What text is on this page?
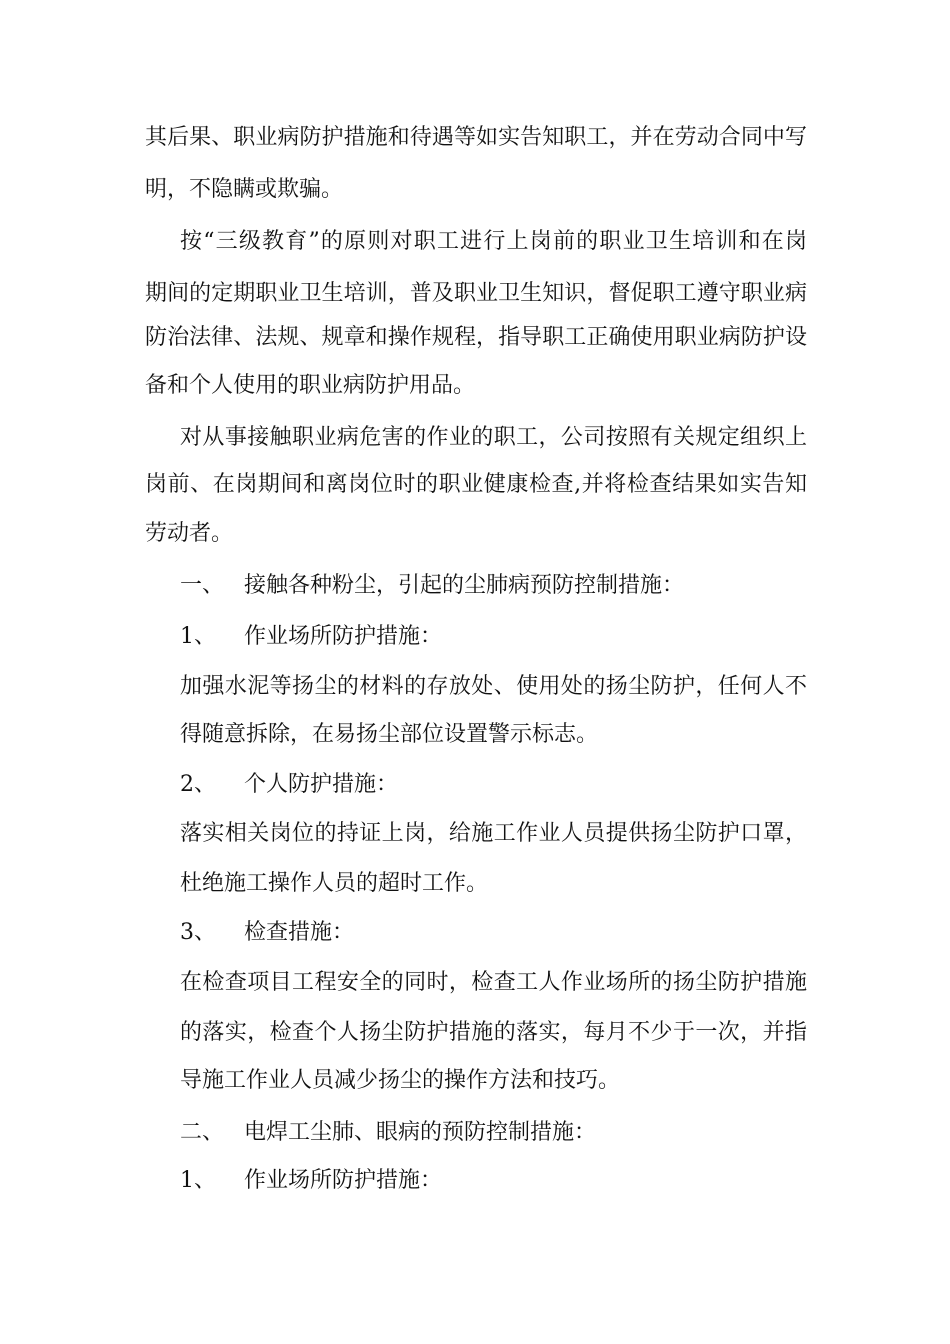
其后果、职业病防护措施和待遇等如实告知职工，并在劳动合同中写
明，不隐瞒或欺骗。
按“三级教育”的原则对职工进行上岗前的职业卫生培训和在岗
期间的定期职业卫生培训，普及职业卫生知识，督促职工遵守职业病
防治法律、法规、规章和操作规程，指导职工正确使用职业病防护设
备和个人使用的职业病防护用品。
对从事接触职业病危害的作业的职工，公司按照有关规定组织上
岗前、在岗期间和离岗位时的职业健康检查,并将检查结果如实告知
劳动者。
一、 接触各种粉尘，引起的尘肺病预防控制措施：
1、 作业场所防护措施：
加强水泥等扬尘的材料的存放处、使用处的扬尘防护，任何人不
得随意拆除，在易扬尘部位设置警示标志。
2、 个人防护措施：
落实相关岗位的持证上岗，给施工作业人员提供扬尘防护口罩，
杜绝施工操作人员的超时工作。
3、 检查措施：
在检查项目工程安全的同时，检查工人作业场所的扬尘防护措施
的落实，检查个人扬尘防护措施的落实，每月不少于一次，并指
导施工作业人员减少扬尘的操作方法和技巧。
二、 电焊工尘肺、眼病的预防控制措施：
1、 作业场所防护措施：
